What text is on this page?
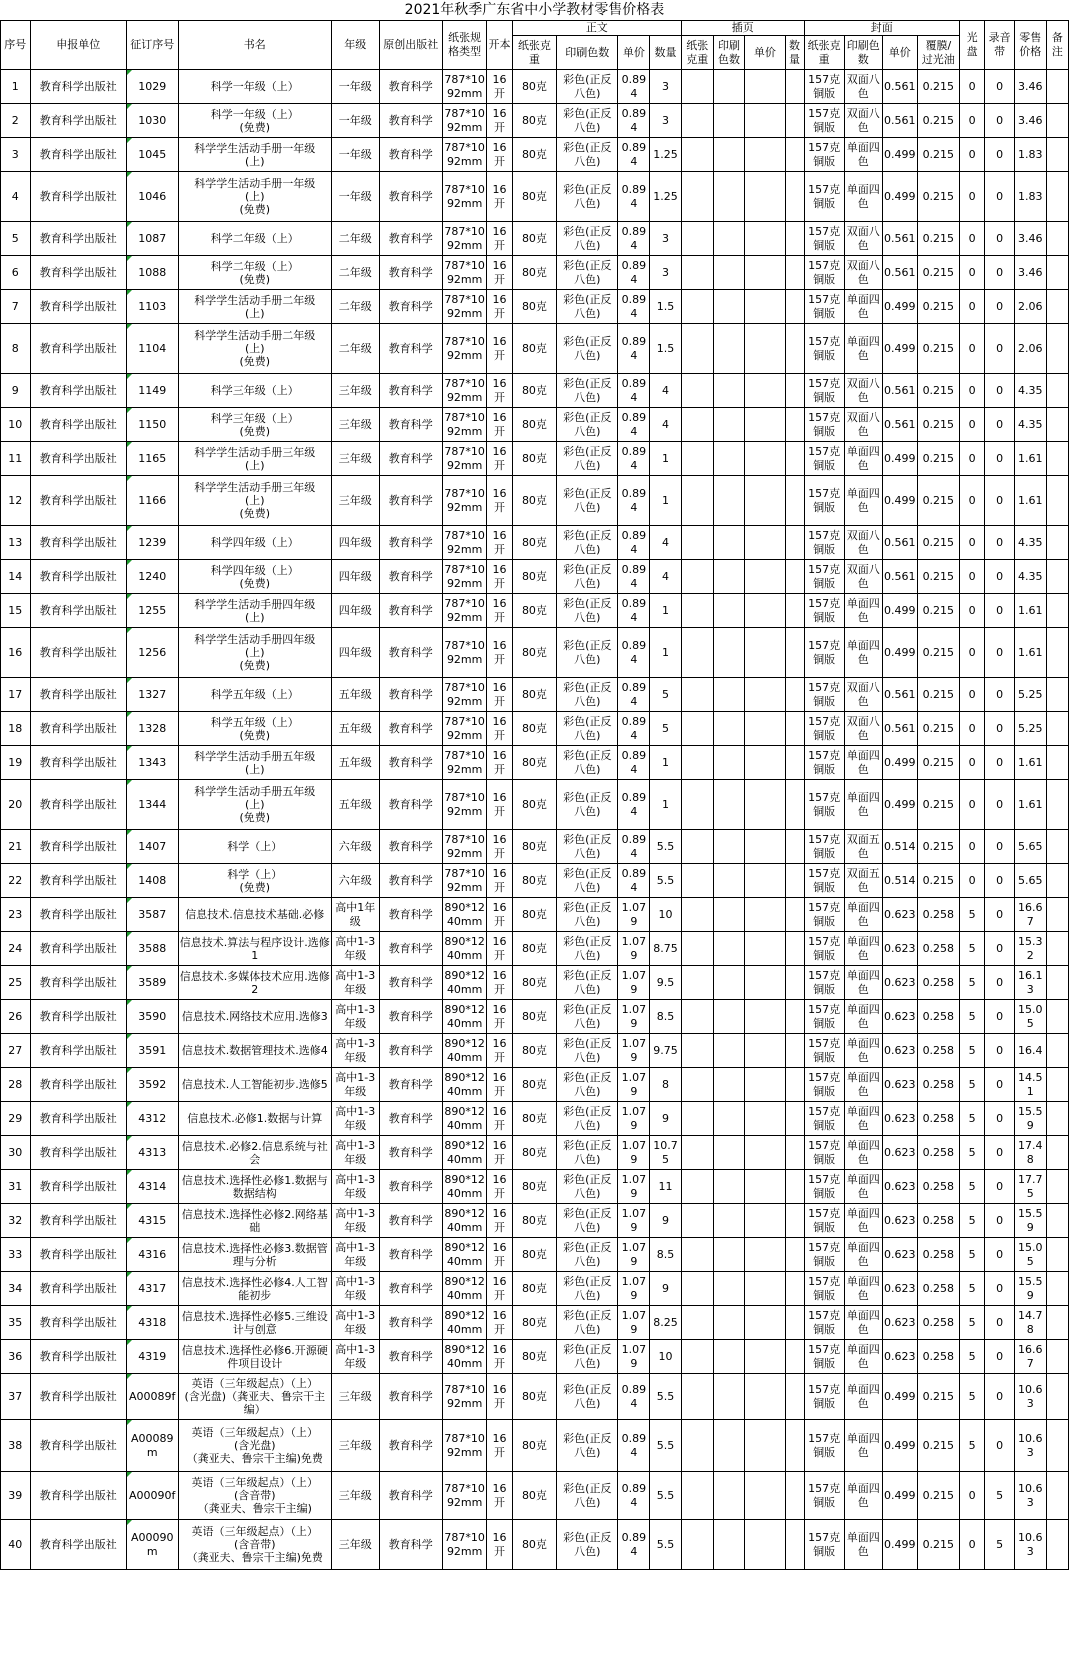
2021年秋季广东省中小学教材零售价格表
序号	申报单位	征订序号	书名	年级	原创出版社	纸张规
格类型	开本	正文				插页				封面				光
盘	录音
带	零售
价格	备
注
								纸张克
重	印刷色数	单价	数量	纸张
克重	印刷
色数	单价	数
量	纸张克
重	印刷色
数	单价	覆膜/
过光油				
1	教育科学出版社	1029	科学一年级（上）	一年级	教育科学	787*10
92mm	16
开	80克	彩色(正反
八色)	0.894	3					157克
铜版	双面八
色	0.561	0.215	0	0	3.46	
2	教育科学出版社	1030	科学一年级（上）
(免费)	一年级	教育科学	787*10
92mm	16
开	80克	彩色(正反
八色)	0.894	3					157克
铜版	双面八
色	0.561	0.215	0	0	3.46	
3	教育科学出版社	1045	科学学生活动手册一年级
(上)	一年级	教育科学	787*10
92mm	16
开	80克	彩色(正反
八色)	0.894	1.25					157克
铜版	单面四
色	0.499	0.215	0	0	1.83	
4	教育科学出版社	1046	科学学生活动手册一年级
(上)
(免费)	一年级	教育科学	787*10
92mm	16
开	80克	彩色(正反
八色)	0.894	1.25					157克
铜版	单面四
色	0.499	0.215	0	0	1.83	
5	教育科学出版社	1087	科学二年级（上）	二年级	教育科学	787*10
92mm	16
开	80克	彩色(正反
八色)	0.894	3					157克
铜版	双面八
色	0.561	0.215	0	0	3.46	
6	教育科学出版社	1088	科学二年级（上）
(免费)	二年级	教育科学	787*10
92mm	16
开	80克	彩色(正反
八色)	0.894	3					157克
铜版	双面八
色	0.561	0.215	0	0	3.46	
7	教育科学出版社	1103	科学学生活动手册二年级
(上)	二年级	教育科学	787*10
92mm	16
开	80克	彩色(正反
八色)	0.894	1.5					157克
铜版	单面四
色	0.499	0.215	0	0	2.06	
8	教育科学出版社	1104	科学学生活动手册二年级
(上)
(免费)	二年级	教育科学	787*10
92mm	16
开	80克	彩色(正反
八色)	0.894	1.5					157克
铜版	单面四
色	0.499	0.215	0	0	2.06	
9	教育科学出版社	1149	科学三年级（上）	三年级	教育科学	787*10
92mm	16
开	80克	彩色(正反
八色)	0.894	4					157克
铜版	双面八
色	0.561	0.215	0	0	4.35	
10	教育科学出版社	1150	科学三年级（上）
(免费)	三年级	教育科学	787*10
92mm	16
开	80克	彩色(正反
八色)	0.894	4					157克
铜版	双面八
色	0.561	0.215	0	0	4.35	
11	教育科学出版社	1165	科学学生活动手册三年级
(上)	三年级	教育科学	787*10
92mm	16
开	80克	彩色(正反
八色)	0.894	1					157克
铜版	单面四
色	0.499	0.215	0	0	1.61	
12	教育科学出版社	1166	科学学生活动手册三年级
(上)
(免费)	三年级	教育科学	787*10
92mm	16
开	80克	彩色(正反
八色)	0.894	1					157克
铜版	单面四
色	0.499	0.215	0	0	1.61	
13	教育科学出版社	1239	科学四年级（上）	四年级	教育科学	787*10
92mm	16
开	80克	彩色(正反
八色)	0.894	4					157克
铜版	双面八
色	0.561	0.215	0	0	4.35	
14	教育科学出版社	1240	科学四年级（上）
(免费)	四年级	教育科学	787*10
92mm	16
开	80克	彩色(正反
八色)	0.894	4					157克
铜版	双面八
色	0.561	0.215	0	0	4.35	
15	教育科学出版社	1255	科学学生活动手册四年级
(上)	四年级	教育科学	787*10
92mm	16
开	80克	彩色(正反
八色)	0.894	1					157克
铜版	单面四
色	0.499	0.215	0	0	1.61	
16	教育科学出版社	1256	科学学生活动手册四年级
(上)
(免费)	四年级	教育科学	787*10
92mm	16
开	80克	彩色(正反
八色)	0.894	1					157克
铜版	单面四
色	0.499	0.215	0	0	1.61	
17	教育科学出版社	1327	科学五年级（上）	五年级	教育科学	787*10
92mm	16
开	80克	彩色(正反
八色)	0.894	5					157克
铜版	双面八
色	0.561	0.215	0	0	5.25	
18	教育科学出版社	1328	科学五年级（上）
(免费)	五年级	教育科学	787*10
92mm	16
开	80克	彩色(正反
八色)	0.894	5					157克
铜版	双面八
色	0.561	0.215	0	0	5.25	
19	教育科学出版社	1343	科学学生活动手册五年级
(上)	五年级	教育科学	787*10
92mm	16
开	80克	彩色(正反
八色)	0.894	1					157克
铜版	单面四
色	0.499	0.215	0	0	1.61	
20	教育科学出版社	1344	科学学生活动手册五年级
(上)
(免费)	五年级	教育科学	787*10
92mm	16
开	80克	彩色(正反
八色)	0.894	1					157克
铜版	单面四
色	0.499	0.215	0	0	1.61	
21	教育科学出版社	1407	科学（上）	六年级	教育科学	787*10
92mm	16
开	80克	彩色(正反
八色)	0.894	5.5					157克
铜版	双面五
色	0.514	0.215	0	0	5.65	
22	教育科学出版社	1408	科学（上）
(免费)	六年级	教育科学	787*10
92mm	16
开	80克	彩色(正反
八色)	0.894	5.5					157克
铜版	双面五
色	0.514	0.215	0	0	5.65	
23	教育科学出版社	3587	信息技术.信息技术基础.必修	高中1年
级	教育科学	890*12
40mm	16
开	80克	彩色(正反
八色)	1.079	10					157克
铜版	单面四
色	0.623	0.258	5	0	16.67	
24	教育科学出版社	3588	信息技术.算法与程序设计.选修
1	高中1-3
年级	教育科学	890*12
40mm	16
开	80克	彩色(正反
八色)	1.079	8.75					157克
铜版	单面四
色	0.623	0.258	5	0	15.32	
25	教育科学出版社	3589	信息技术.多媒体技术应用.选修
2	高中1-3
年级	教育科学	890*12
40mm	16
开	80克	彩色(正反
八色)	1.079	9.5					157克
铜版	单面四
色	0.623	0.258	5	0	16.13	
26	教育科学出版社	3590	信息技术.网络技术应用.选修3	高中1-3
年级	教育科学	890*12
40mm	16
开	80克	彩色(正反
八色)	1.079	8.5					157克
铜版	单面四
色	0.623	0.258	5	0	15.05	
27	教育科学出版社	3591	信息技术.数据管理技术.选修4	高中1-3
年级	教育科学	890*12
40mm	16
开	80克	彩色(正反
八色)	1.079	9.75					157克
铜版	单面四
色	0.623	0.258	5	0	16.4	
28	教育科学出版社	3592	信息技术.人工智能初步.选修5	高中1-3
年级	教育科学	890*12
40mm	16
开	80克	彩色(正反
八色)	1.079	8					157克
铜版	单面四
色	0.623	0.258	5	0	14.51	
29	教育科学出版社	4312	信息技术.必修1.数据与计算	高中1-3
年级	教育科学	890*12
40mm	16
开	80克	彩色(正反
八色)	1.079	9					157克
铜版	单面四
色	0.623	0.258	5	0	15.59	
30	教育科学出版社	4313	信息技术.必修2.信息系统与社
会	高中1-3
年级	教育科学	890*12
40mm	16
开	80克	彩色(正反
八色)	1.079	10.75					157克
铜版	单面四
色	0.623	0.258	5	0	17.48	
31	教育科学出版社	4314	信息技术.选择性必修1.数据与
数据结构	高中1-3
年级	教育科学	890*12
40mm	16
开	80克	彩色(正反
八色)	1.079	11					157克
铜版	单面四
色	0.623	0.258	5	0	17.75	
32	教育科学出版社	4315	信息技术.选择性必修2.网络基
础	高中1-3
年级	教育科学	890*12
40mm	16
开	80克	彩色(正反
八色)	1.079	9					157克
铜版	单面四
色	0.623	0.258	5	0	15.59	
33	教育科学出版社	4316	信息技术.选择性必修3.数据管
理与分析	高中1-3
年级	教育科学	890*12
40mm	16
开	80克	彩色(正反
八色)	1.079	8.5					157克
铜版	单面四
色	0.623	0.258	5	0	15.05	
34	教育科学出版社	4317	信息技术.选择性必修4.人工智
能初步	高中1-3
年级	教育科学	890*12
40mm	16
开	80克	彩色(正反
八色)	1.079	9					157克
铜版	单面四
色	0.623	0.258	5	0	15.59	
35	教育科学出版社	4318	信息技术.选择性必修5.三维设
计与创意	高中1-3
年级	教育科学	890*12
40mm	16
开	80克	彩色(正反
八色)	1.079	8.25					157克
铜版	单面四
色	0.623	0.258	5	0	14.78	
36	教育科学出版社	4319	信息技术.选择性必修6.开源硬
件项目设计	高中1-3
年级	教育科学	890*12
40mm	16
开	80克	彩色(正反
八色)	1.079	10					157克
铜版	单面四
色	0.623	0.258	5	0	16.67	
37	教育科学出版社	A00089f	英语（三年级起点）（上）
(含光盘)（龚亚夫、鲁宗干主
编）	三年级	教育科学	787*10
92mm	16
开	80克	彩色(正反
八色)	0.894	5.5					157克
铜版	单面四
色	0.499	0.215	5	0	10.63	
38	教育科学出版社	A00089
m	英语（三年级起点）（上）
(含光盘)
（龚亚夫、鲁宗干主编)免费	三年级	教育科学	787*10
92mm	16
开	80克	彩色(正反
八色)	0.894	5.5					157克
铜版	单面四
色	0.499	0.215	5	0	10.63	
39	教育科学出版社	A00090f	英语（三年级起点）（上）
(含音带)
（龚亚夫、鲁宗干主编)	三年级	教育科学	787*10
92mm	16
开	80克	彩色(正反
八色)	0.894	5.5					157克
铜版	单面四
色	0.499	0.215	0	5	10.63	
40	教育科学出版社	A00090
m	英语（三年级起点）（上）
(含音带)
（龚亚夫、鲁宗干主编)免费	三年级	教育科学	787*10
92mm	16
开	80克	彩色(正反
八色)	0.894	5.5					157克
铜版	单面四
色	0.499	0.215	0	5	10.63	
